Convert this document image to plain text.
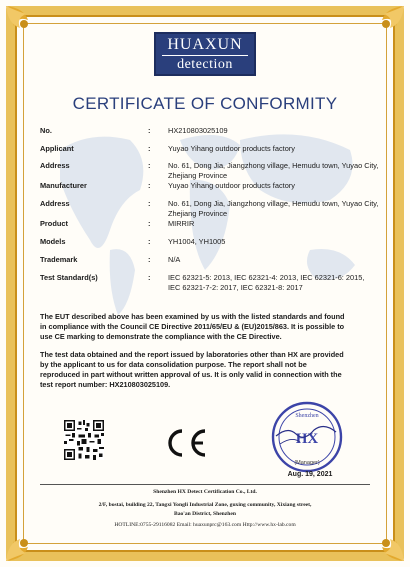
HUAXUN
detection
CERTIFICATE OF CONFORMITY
No.	: HX210803025109
Applicant	: Yuyao Yihang outdoor products factory
Address	: No. 61, Dong Jia, Jiangzhong village, Hemudu town, Yuyao City,
Zhejiang Province
Manufacturer	: Yuyao Yihang outdoor products factory
Address	: No. 61, Dong Jia, Jiangzhong village, Hemudu town, Yuyao City,
Zhejiang Province
Product	: MIRRIR
Models	: YH1004, YH1005
Trademark	: N/A
Test Standard(s)	: IEC 62321-5: 2013, IEC 62321-4: 2013, IEC 62321-6: 2015,
IEC 62321-7-2: 2017, IEC 62321-8: 2017
The EUT described above has been examined by us with the listed standards and found
in compliance with the Council CE Directive 2011/65/EU & (EU)2015/863. It is possible to
use CE marking to demonstrate the compliance with the CE Directive.
The test data obtained and the report issued by laboratories other than HX are provided
by the applicant to us for data consolidation purpose. The report shall not be
reproduced in part without written approval of us. It is only valid in connection with the
test report number: HX210803025109.
Shenzhen
HX
(Manager)
Aug. 19, 2021
Shenzhen HX Detect Certification Co., Ltd.
2/F, bostai, building 22, Tangxi Yongli Industrial Zone, guxing community, Xixiang street,
Bao'an District, Shenzhen
HOTLINE:0755-29116082 Email: huaxunprc@163.com Http://www.hx-lab.com
